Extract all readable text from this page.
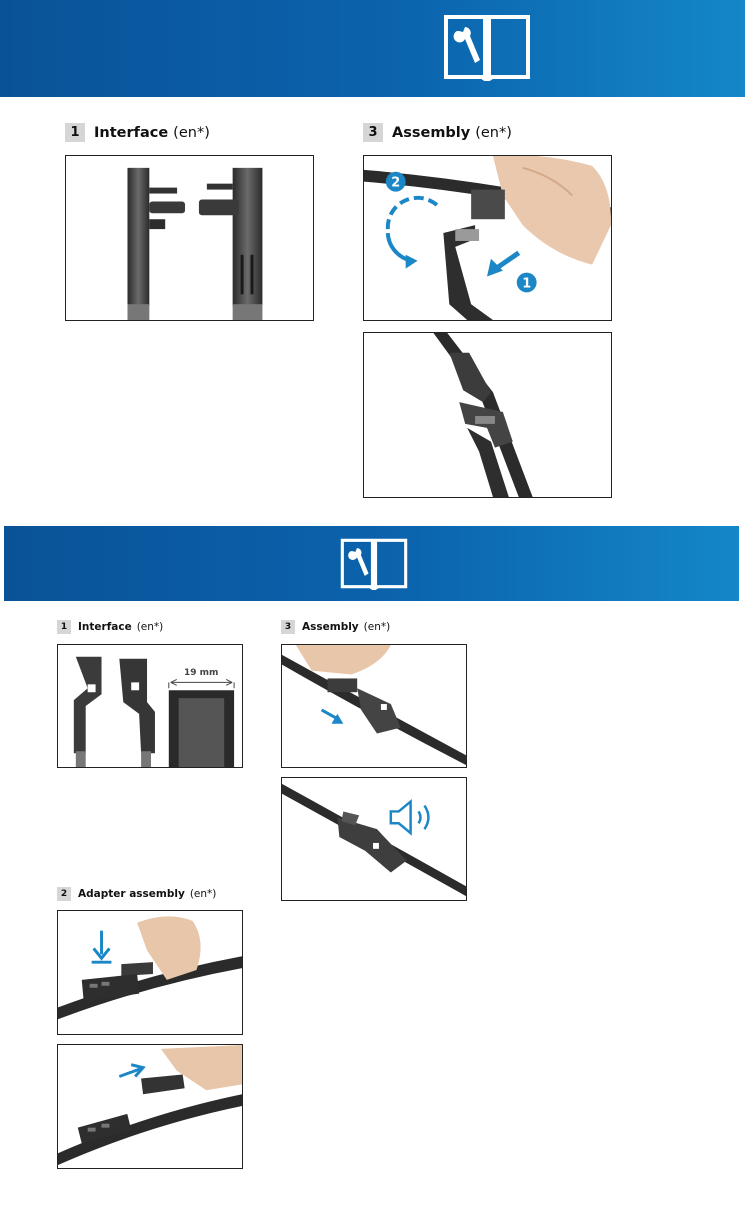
1 Interface (en*)	3 Assembly (en*)
2
1
1	Interface (en*)	3	Assembly (en*)
19 mm
2	Adapter assembly (en*)
